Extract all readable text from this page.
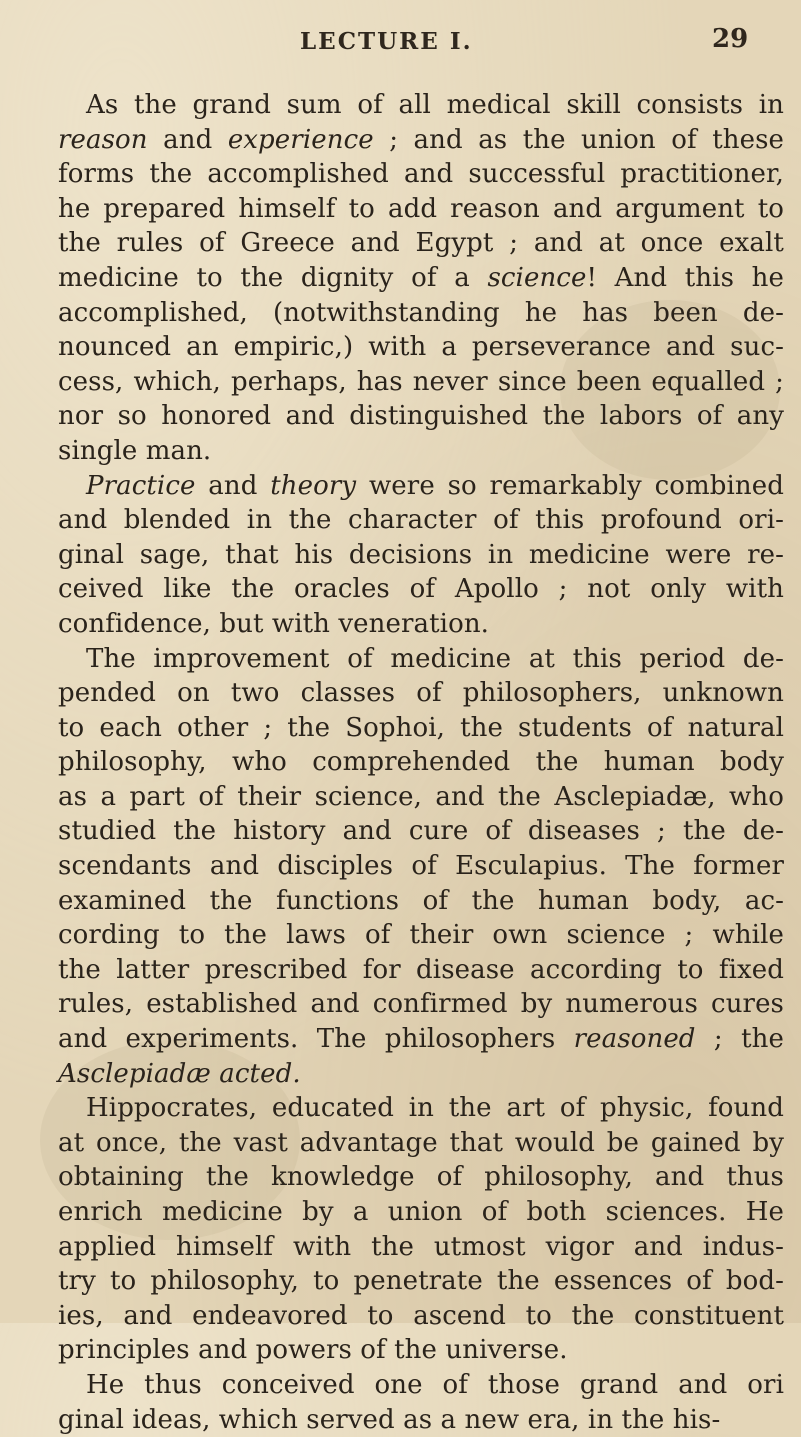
LECTURE I.	29
As the grand sum of all medical skill consists in
reason and experience ; and as the union of these
forms the accomplished and successful practitioner,
he prepared himself to add reason and argument to
the rules of Greece and Egypt ; and at once exalt
medicine to the dignity of a science! And this he
accomplished, (notwithstanding he has been de-
nounced an empiric,) with a perseverance and suc-
cess, which, perhaps, has never since been equalled ;
nor so honored and distinguished the labors of any
single man.
Practice and theory were so remarkably combined
and blended in the character of this profound ori-
ginal sage, that his decisions in medicine were re-
ceived like the oracles of Apollo ; not only with
confidence, but with veneration.
The improvement of medicine at this period de-
pended on two classes of philosophers, unknown
to each other ; the Sophoi, the students of natural
philosophy, who comprehended the human body
as a part of their science, and the Asclepiadæ, who
studied the history and cure of diseases ; the de-
scendants and disciples of Esculapius. The former
examined the functions of the human body, ac-
cording to the laws of their own science ; while
the latter prescribed for disease according to fixed
rules, established and confirmed by numerous cures
and experiments. The philosophers reasoned ; the
Asclepiadæ acted.
Hippocrates, educated in the art of physic, found
at once, the vast advantage that would be gained by
obtaining the knowledge of philosophy, and thus
enrich medicine by a union of both sciences. He
applied himself with the utmost vigor and indus-
try to philosophy, to penetrate the essences of bod-
ies, and endeavored to ascend to the constituent
principles and powers of the universe.
He thus conceived one of those grand and ori
ginal ideas, which served as a new era, in the his-
